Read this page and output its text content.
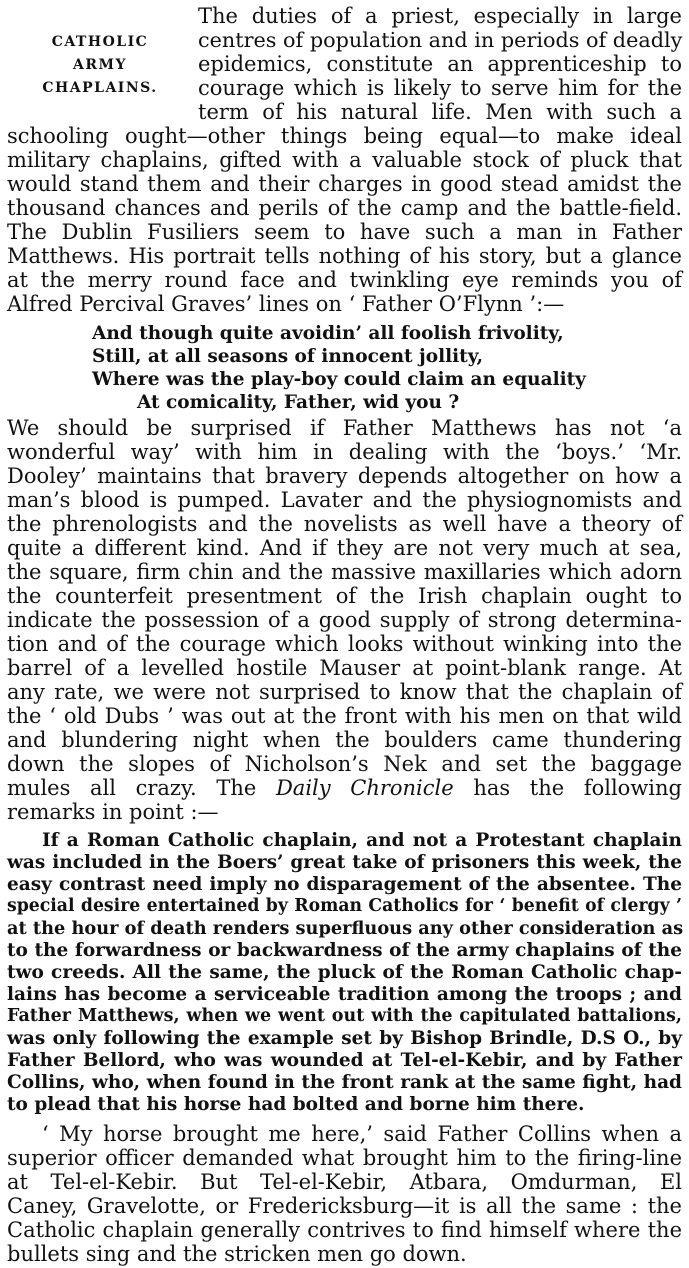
CATHOLIC
ARMY
CHAPLAINS.
The duties of a priest, especially in large
centres of population and in periods of deadly
epidemics, constitute an apprenticeship to
courage which is likely to serve him for the
term of his natural life. Men with such a
schooling ought—other things being equal—to make ideal
military chaplains, gifted with a valuable stock of pluck that
would stand them and their charges in good stead amidst the
thousand chances and perils of the camp and the battle-field.
The Dublin Fusiliers seem to have such a man in Father
Matthews. His portrait tells nothing of his story, but a glance
at the merry round face and twinkling eye reminds you of
Alfred Percival Graves’ lines on ‘ Father O’Flynn ’:—
And though quite avoidin’ all foolish frivolity,
Still, at all seasons of innocent jollity,
Where was the play-boy could claim an equality
At comicality, Father, wid you ?
We should be surprised if Father Matthews has not ‘a
wonderful way’ with him in dealing with the ‘boys.’ ‘Mr.
Dooley’ maintains that bravery depends altogether on how a
man’s blood is pumped. Lavater and the physiognomists and
the phrenologists and the novelists as well have a theory of
quite a different kind. And if they are not very much at sea,
the square, firm chin and the massive maxillaries which adorn
the counterfeit presentment of the Irish chaplain ought to
indicate the possession of a good supply of strong determina-
tion and of the courage which looks without winking into the
barrel of a levelled hostile Mauser at point-blank range. At
any rate, we were not surprised to know that the chaplain of
the ‘ old Dubs ’ was out at the front with his men on that wild
and blundering night when the boulders came thundering
down the slopes of Nicholson’s Nek and set the baggage
mules all crazy. The Daily Chronicle has the following
remarks in point :—
If a Roman Catholic chaplain, and not a Protestant chaplain
was included in the Boers’ great take of prisoners this week, the
easy contrast need imply no disparagement of the absentee. The
special desire entertained by Roman Catholics for ‘ benefit of clergy ’
at the hour of death renders superfluous any other consideration as
to the forwardness or backwardness of the army chaplains of the
two creeds. All the same, the pluck of the Roman Catholic chap-
lains has become a serviceable tradition among the troops ; and
Father Matthews, when we went out with the capitulated battalions,
was only following the example set by Bishop Brindle, D.S O., by
Father Bellord, who was wounded at Tel-el-Kebir, and by Father
Collins, who, when found in the front rank at the same fight, had
to plead that his horse had bolted and borne him there.
‘ My horse brought me here,’ said Father Collins when a
superior officer demanded what brought him to the firing-line
at Tel-el-Kebir. But Tel-el-Kebir, Atbara, Omdurman, El
Caney, Gravelotte, or Fredericksburg—it is all the same : the
Catholic chaplain generally contrives to find himself where the
bullets sing and the stricken men go down.
